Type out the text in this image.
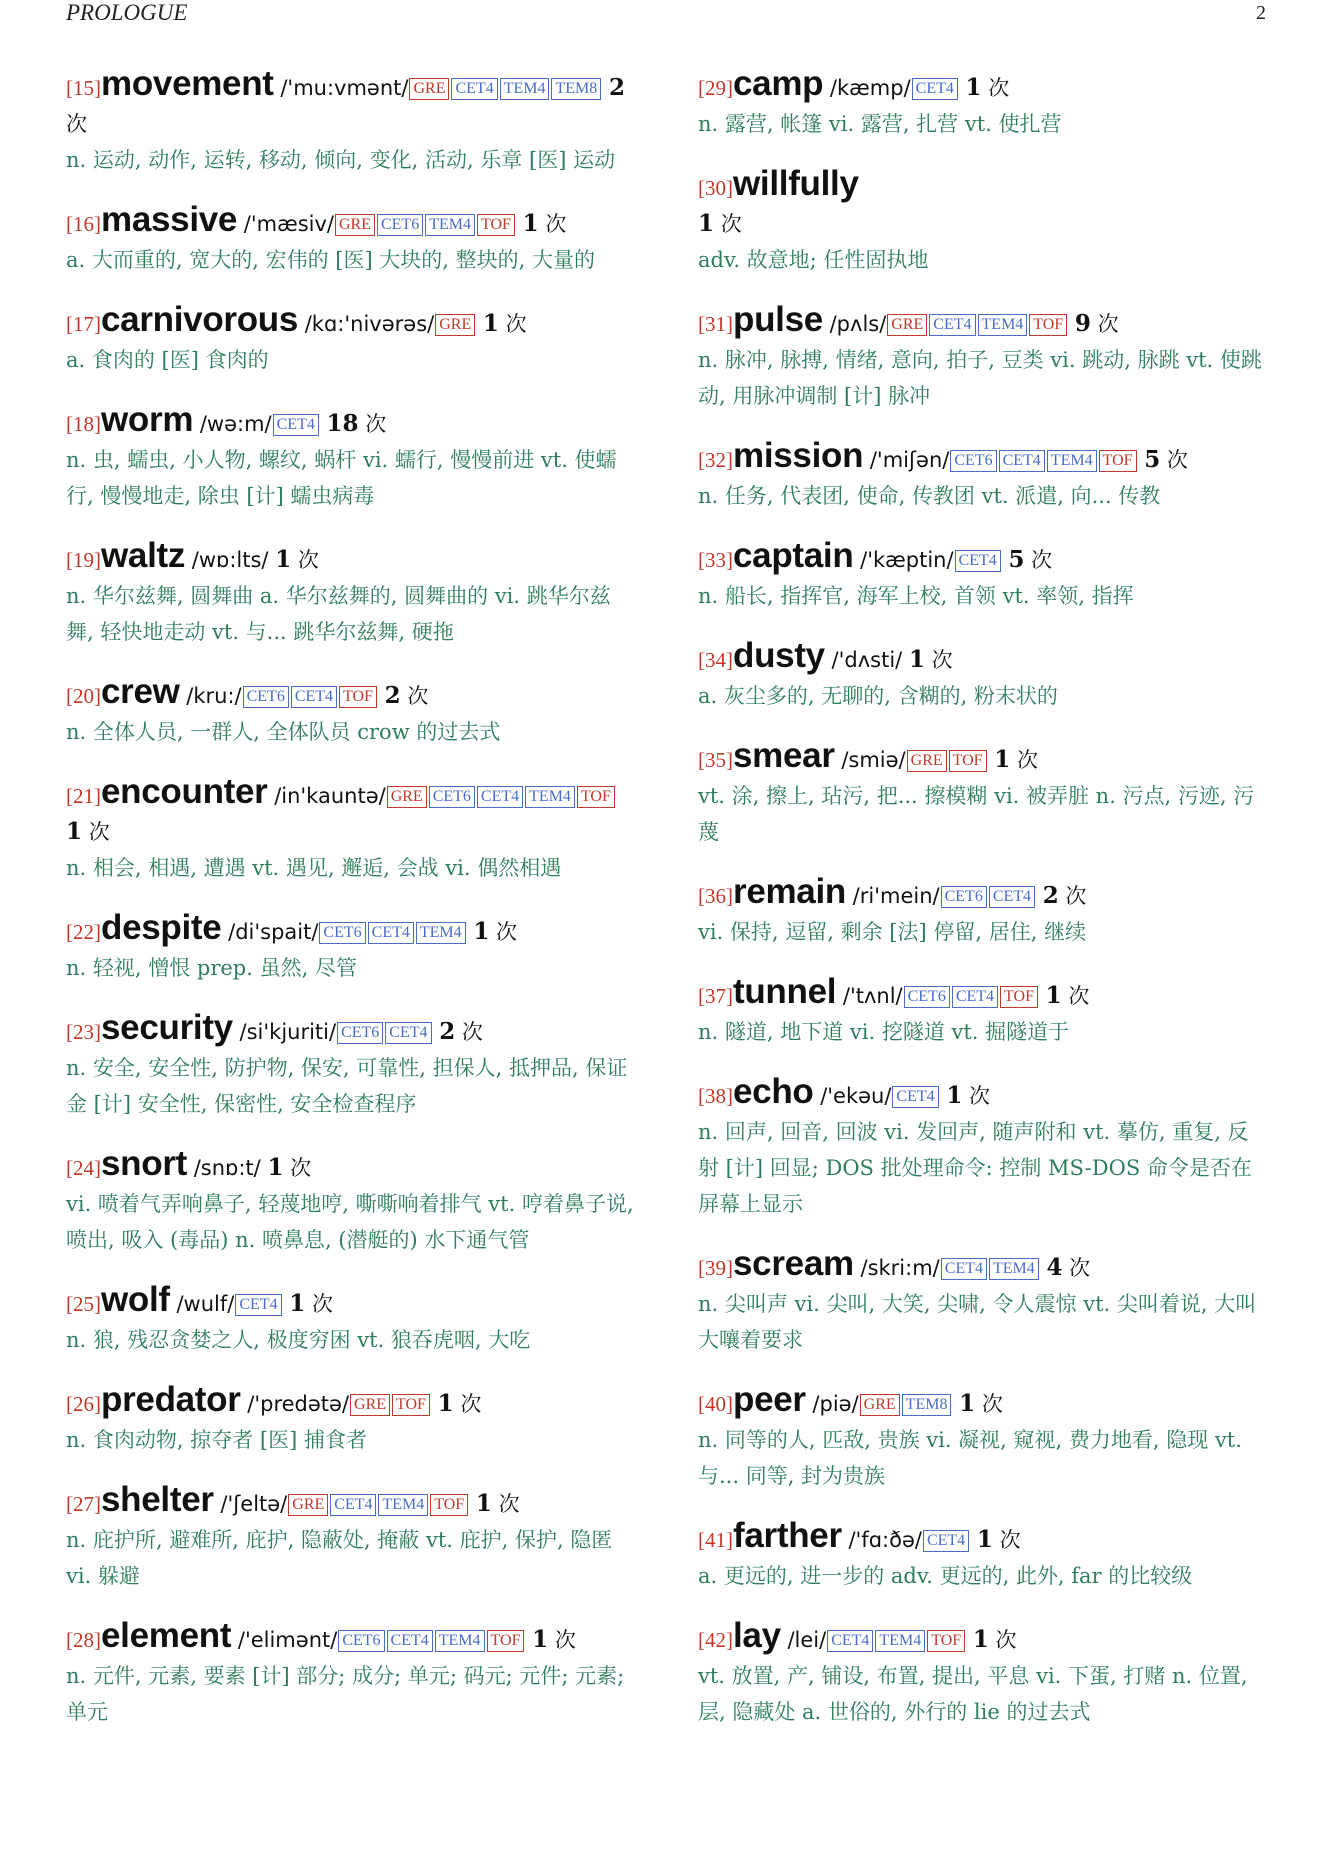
PROLOGUE	2
[15]movement /'mu:vmənt/ GRE CET4 TEM4 TEM8 2 次
n. 运动, 动作, 运转, 移动, 倾向, 变化, 活动, 乐章 [医] 运动
[16]massive /'mæsiv/ GRE CET6 TEM4 TOF 1 次
a. 大而重的, 宽大的, 宏伟的 [医] 大块的, 整块的, 大量的
[17]carnivorous /kɑ:'nivərəs/ GRE 1 次
a. 食肉的 [医] 食肉的
[18]worm /wə:m/ CET4 18 次
n. 虫, 蠕虫, 小人物, 螺纹, 蜗杆 vi. 蠕行, 慢慢前进 vt. 使蠕行, 慢慢地走, 除虫 [计] 蠕虫病毒
[19]waltz /wɒ:lts/ 1 次
n. 华尔兹舞, 圆舞曲 a. 华尔兹舞的, 圆舞曲的 vi. 跳华尔兹舞, 轻快地走动 vt. 与... 跳华尔兹舞, 硬拖
[20]crew /kru:/ CET6 CET4 TOF 2 次
n. 全体人员, 一群人, 全体队员 crow 的过去式
[21]encounter /in'kauntə/ GRE CET6 CET4 TEM4 TOF 1 次
n. 相会, 相遇, 遭遇 vt. 遇见, 邂逅, 会战 vi. 偶然相遇
[22]despite /di'spait/ CET6 CET4 TEM4 1 次
n. 轻视, 憎恨 prep. 虽然, 尽管
[23]security /si'kjuriti/ CET6 CET4 2 次
n. 安全, 安全性, 防护物, 保安, 可靠性, 担保人, 抵押品, 保证金 [计] 安全性, 保密性, 安全检查程序
[24]snort /snɒ:t/ 1 次
vi. 喷着气弄响鼻子, 轻蔑地哼, 嘶嘶响着排气 vt. 哼着鼻子说, 喷出, 吸入 (毒品) n. 喷鼻息, (潜艇的) 水下通气管
[25]wolf /wulf/ CET4 1 次
n. 狼, 残忍贪婪之人, 极度穷困 vt. 狼吞虎咽, 大吃
[26]predator /'predətə/ GRE TOF 1 次
n. 食肉动物, 掠夺者 [医] 捕食者
[27]shelter /'ʃeltə/ GRE CET4 TEM4 TOF 1 次
n. 庇护所, 避难所, 庇护, 隐蔽处, 掩蔽 vt. 庇护, 保护, 隐匿 vi. 躲避
[28]element /'elimənt/ CET6 CET4 TEM4 TOF 1 次
n. 元件, 元素, 要素 [计] 部分; 成分; 单元; 码元; 元件; 元素; 单元
[29]camp /kæmp/ CET4 1 次
n. 露营, 帐篷 vi. 露营, 扎营 vt. 使扎营
[30]willfully
1 次
adv. 故意地; 任性固执地
[31]pulse /pʌls/ GRE CET4 TEM4 TOF 9 次
n. 脉冲, 脉搏, 情绪, 意向, 拍子, 豆类 vi. 跳动, 脉跳 vt. 使跳动, 用脉冲调制 [计] 脉冲
[32]mission /'miʃən/ CET6 CET4 TEM4 TOF 5 次
n. 任务, 代表团, 使命, 传教团 vt. 派遣, 向... 传教
[33]captain /'kæptin/ CET4 5 次
n. 船长, 指挥官, 海军上校, 首领 vt. 率领, 指挥
[34]dusty /'dʌsti/ 1 次
a. 灰尘多的, 无聊的, 含糊的, 粉末状的
[35]smear /smiə/ GRE TOF 1 次
vt. 涂, 擦上, 玷污, 把... 擦模糊 vi. 被弄脏 n. 污点, 污迹, 污蔑
[36]remain /ri'mein/ CET6 CET4 2 次
vi. 保持, 逗留, 剩余 [法] 停留, 居住, 继续
[37]tunnel /'tʌnl/ CET6 CET4 TOF 1 次
n. 隧道, 地下道 vi. 挖隧道 vt. 掘隧道于
[38]echo /'ekəu/ CET4 1 次
n. 回声, 回音, 回波 vi. 发回声, 随声附和 vt. 摹仿, 重复, 反射 [计] 回显; DOS 批处理命令: 控制 MS-DOS 命令是否在屏幕上显示
[39]scream /skri:m/ CET4 TEM4 4 次
n. 尖叫声 vi. 尖叫, 大笑, 尖啸, 令人震惊 vt. 尖叫着说, 大叫大嚷着要求
[40]peer /piə/ GRE TEM8 1 次
n. 同等的人, 匹敌, 贵族 vi. 凝视, 窥视, 费力地看, 隐现 vt. 与... 同等, 封为贵族
[41]farther /'fɑ:ðə/ CET4 1 次
a. 更远的, 进一步的 adv. 更远的, 此外, far 的比较级
[42]lay /lei/ CET4 TEM4 TOF 1 次
vt. 放置, 产, 铺设, 布置, 提出, 平息 vi. 下蛋, 打赌 n. 位置, 层, 隐藏处 a. 世俗的, 外行的 lie 的过去式
